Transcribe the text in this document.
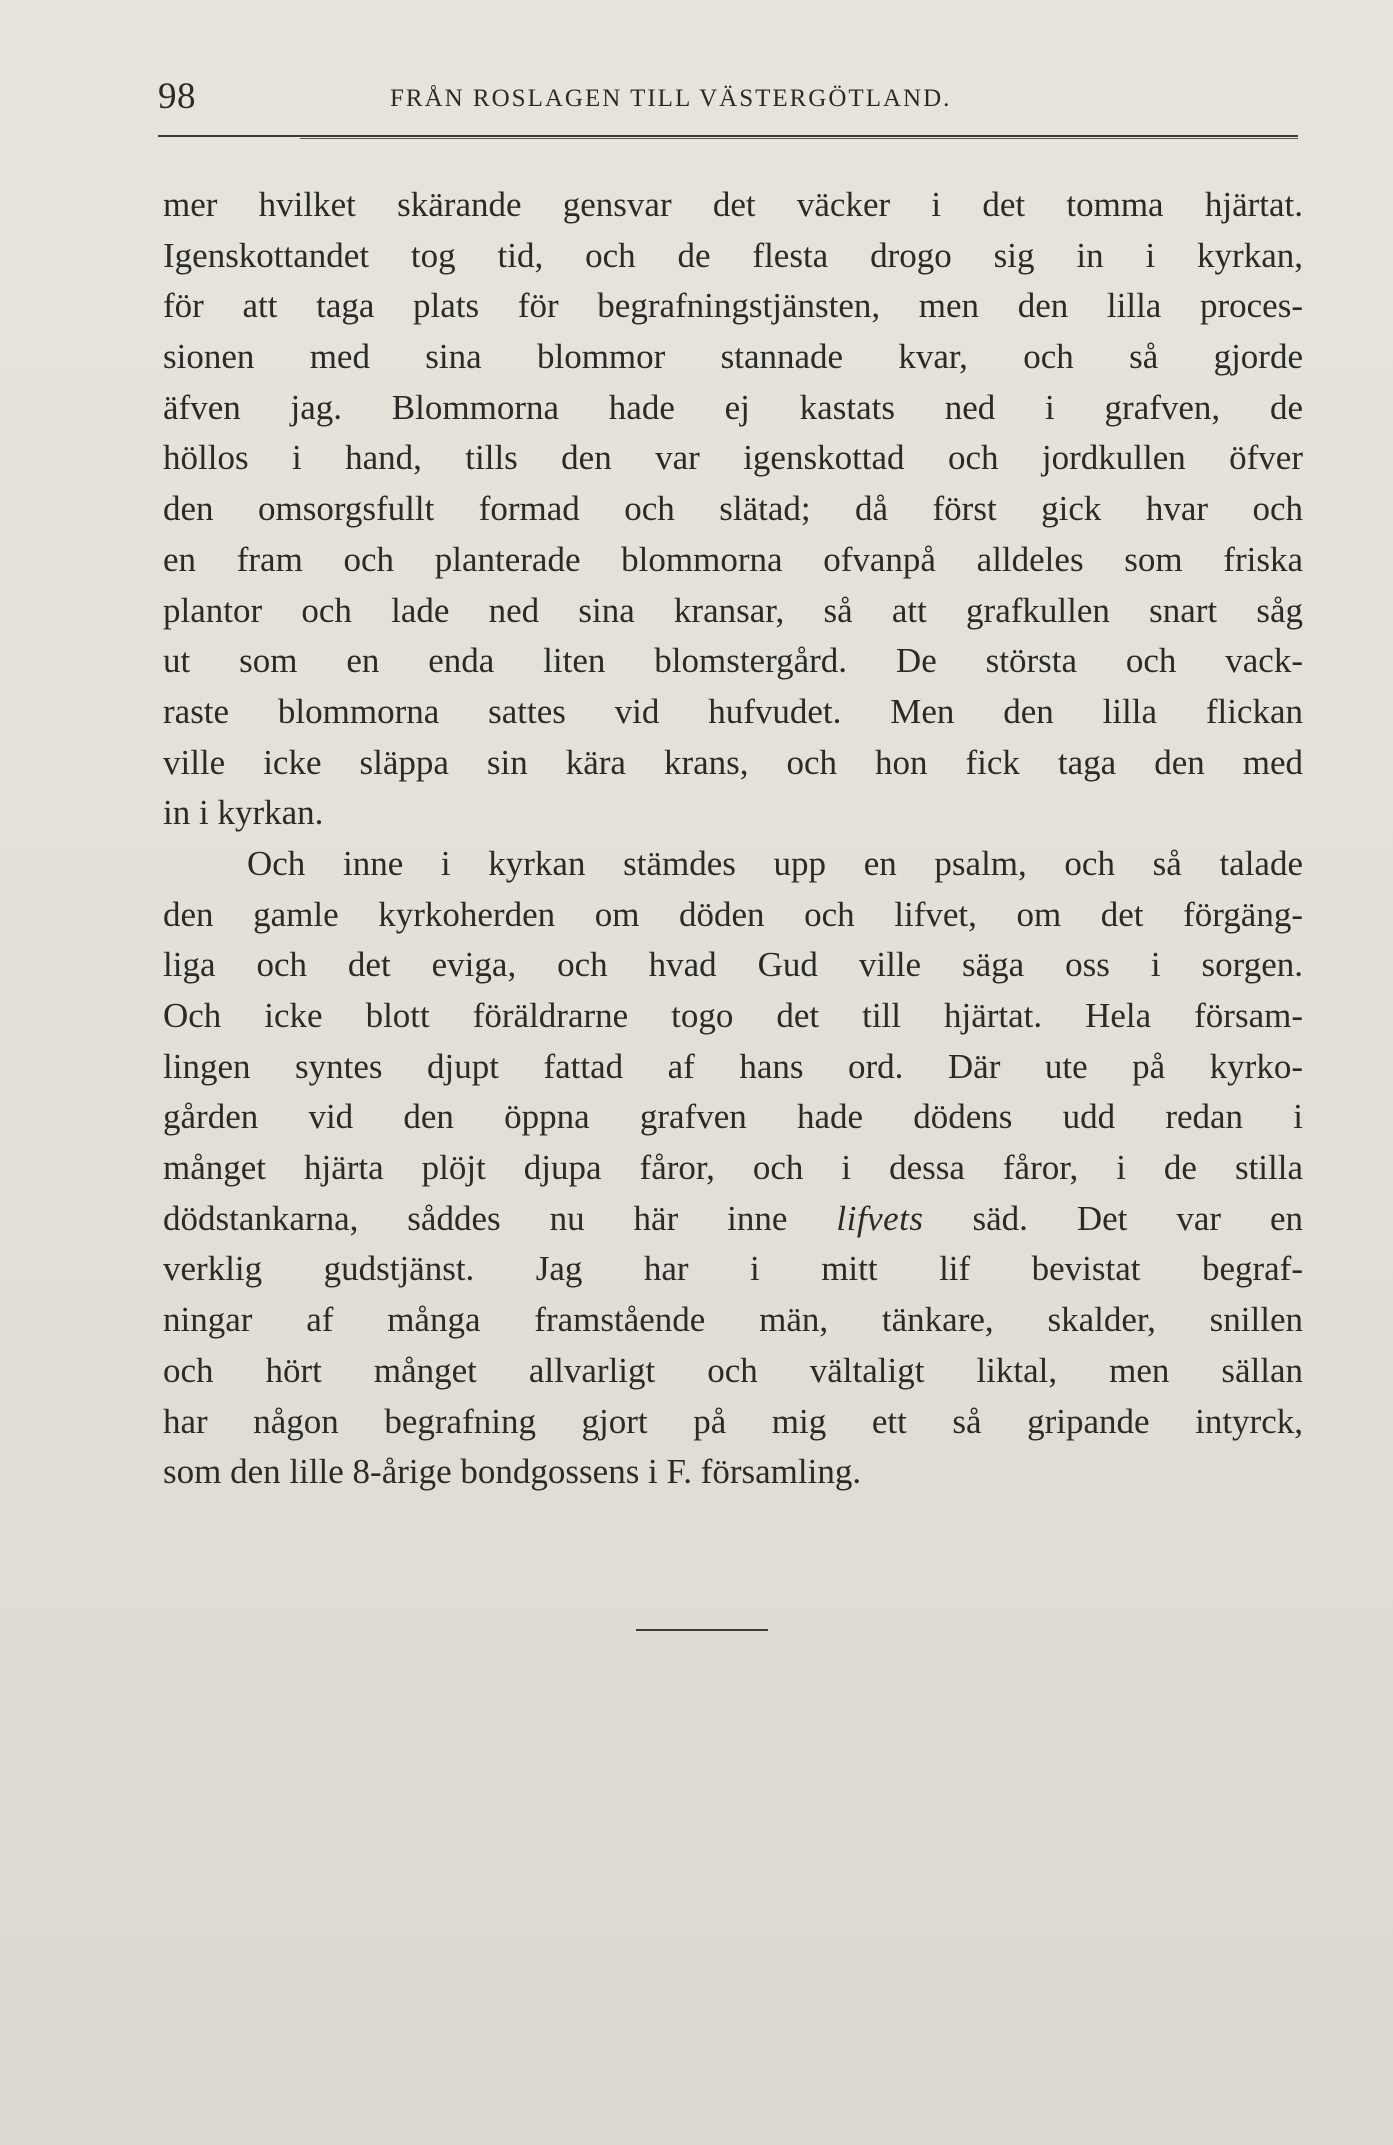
98	FRÅN ROSLAGEN TILL VÄSTERGÖTLAND.
mer hvilket skärande gensvar det väcker i det tomma hjärtat.
Igenskottandet tog tid, och de flesta drogo sig in i kyrkan,
för att taga plats för begrafningstjänsten, men den lilla proces-
sionen med sina blommor stannade kvar, och så gjorde
äfven jag. Blommorna hade ej kastats ned i grafven, de
höllos i hand, tills den var igenskottad och jordkullen öfver
den omsorgsfullt formad och slätad; då först gick hvar och
en fram och planterade blommorna ofvanpå alldeles som friska
plantor och lade ned sina kransar, så att grafkullen snart såg
ut som en enda liten blomstergård. De största och vack-
raste blommorna sattes vid hufvudet. Men den lilla flickan
ville icke släppa sin kära krans, och hon fick taga den med
in i kyrkan.
Och inne i kyrkan stämdes upp en psalm, och så talade
den gamle kyrkoherden om döden och lifvet, om det förgäng-
liga och det eviga, och hvad Gud ville säga oss i sorgen.
Och icke blott föräldrarne togo det till hjärtat. Hela försam-
lingen syntes djupt fattad af hans ord. Där ute på kyrko-
gården vid den öppna grafven hade dödens udd redan i
månget hjärta plöjt djupa fåror, och i dessa fåror, i de stilla
dödstankarna, såddes nu här inne lifvets säd. Det var en
verklig gudstjänst. Jag har i mitt lif bevistat begraf-
ningar af många framstående män, tänkare, skalder, snillen
och hört månget allvarligt och vältaligt liktal, men sällan
har någon begrafning gjort på mig ett så gripande intyrck,
som den lille 8-årige bondgossens i F. församling.
